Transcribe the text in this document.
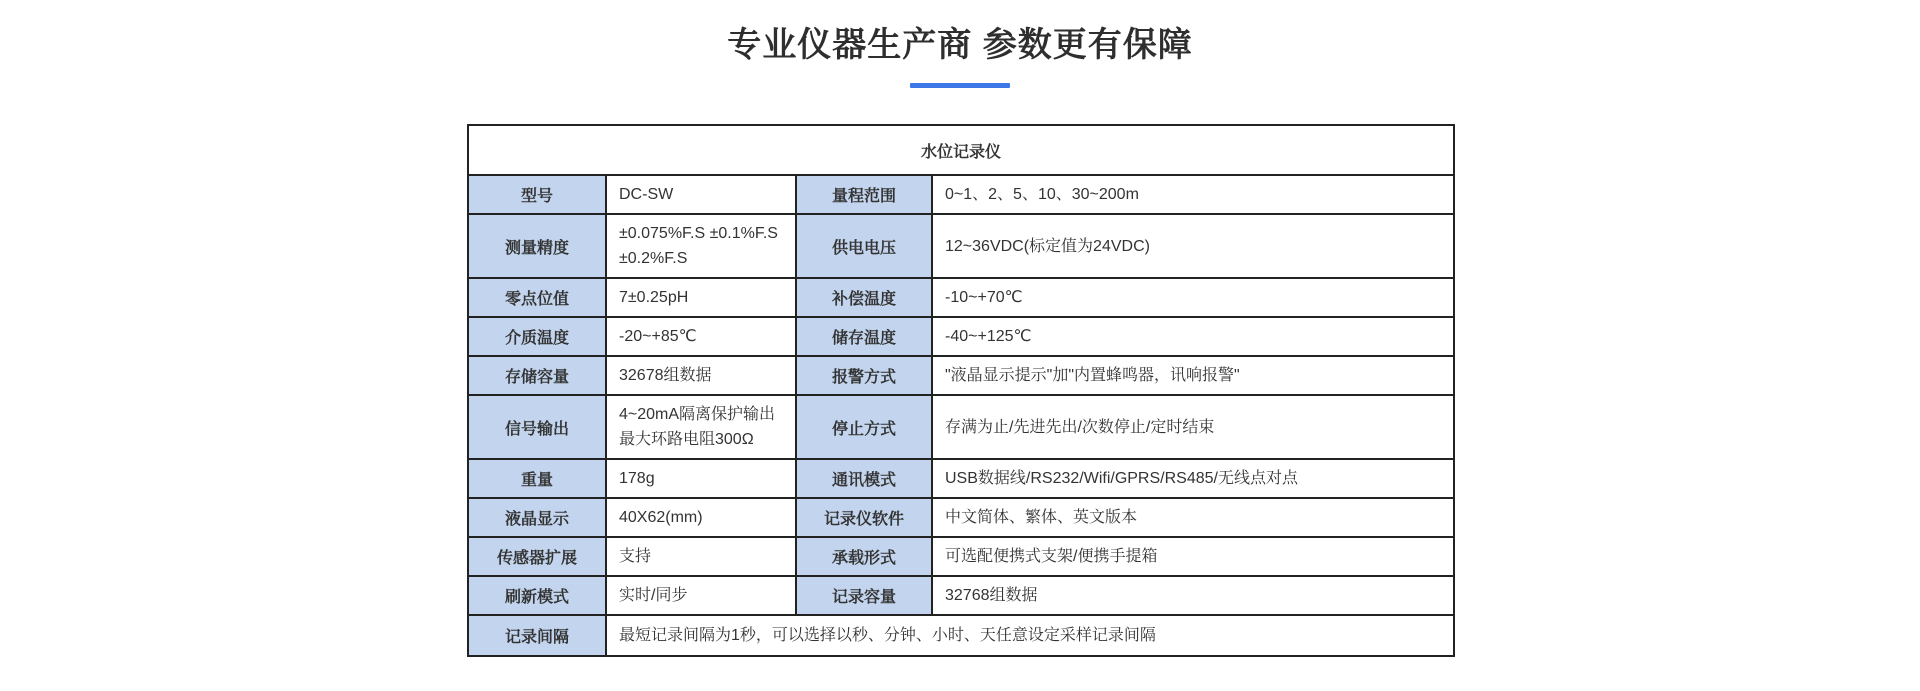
专业仪器生产商 参数更有保障
水位记录仪			
型号	DC-SW	量程范围	0~1、2、5、10、30~200m
测量精度	±0.075%F.S ±0.1%F.S ±0.2%F.S	供电电压	12~36VDC(标定值为24VDC)
零点位值	7±0.25pH	补偿温度	-10~+70℃
介质温度	-20~+85℃	储存温度	-40~+125℃
存储容量	32678组数据	报警方式	"液晶显示提示"加"内置蜂鸣器，讯响报警"
信号输出	4~20mA隔离保护输出 最大环路电阻300Ω	停止方式	存满为止/先进先出/次数停止/定时结束
重量	178g	通讯模式	USB数据线/RS232/Wifi/GPRS/RS485/无线点对点
液晶显示	40X62(mm)	记录仪软件	中文简体、繁体、英文版本
传感器扩展	支持	承载形式	可选配便携式支架/便携手提箱
刷新模式	实时/同步	记录容量	32768组数据
记录间隔	最短记录间隔为1秒，可以选择以秒、分钟、小时、天任意设定采样记录间隔		
